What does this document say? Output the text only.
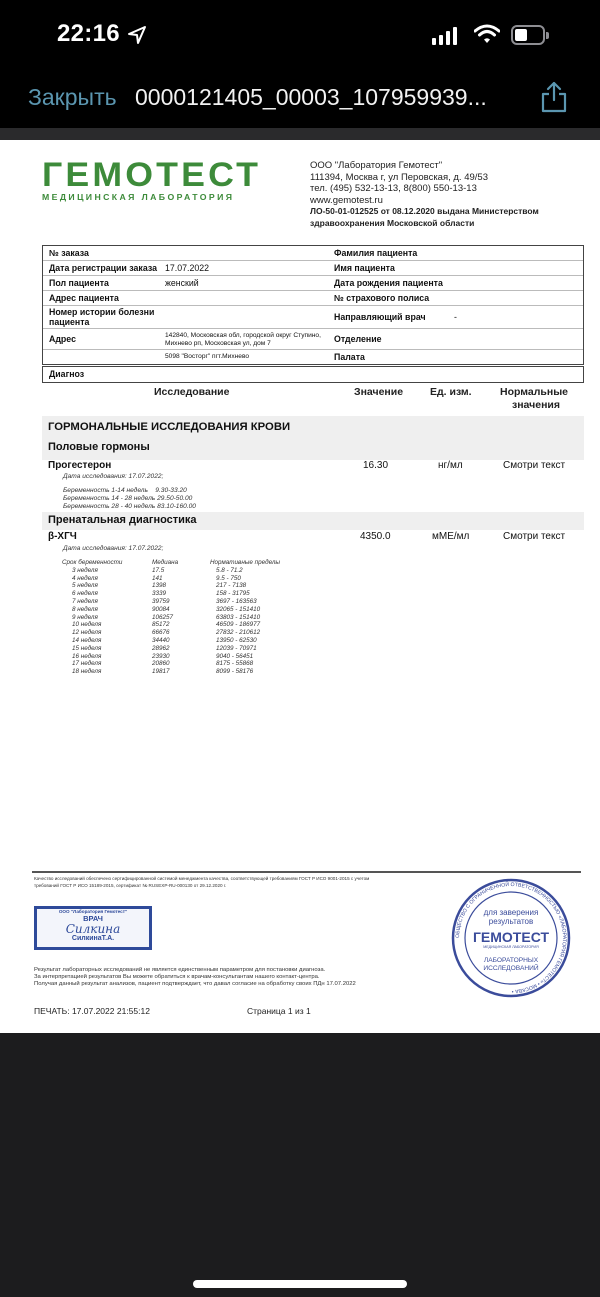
22:16
Закрыть 0000121405_00003_107959939...
ГЕМОТЕСТ
МЕДИЦИНСКАЯ ЛАБОРАТОРИЯ
ООО "Лаборатория Гемотест"
111394, Москва г, ул Перовская, д. 49/53
тел. (495) 532-13-13, 8(800) 550-13-13
www.gemotest.ru
ЛО-50-01-012525 от 08.12.2020 выдана Министерством
здравоохранения Московской области
№ заказа	Фамилия пациента
Дата регистрации заказа 17.07.2022	Имя пациента
Пол пациента	женский	Дата рождения пациента
Адрес пациента	№ страхового полиса
Номер истории болезни пациента	Направляющий врач	-
Адрес	142840, Московская обл, городской округ Ступино, Михнево рп, Московская ул, дом 7	Отделение
5098 "Восторг" пгт.Михнево	Палата
Диагноз
Исследование	Значение	Ед. изм.	Нормальные
значения
ГОРМОНАЛЬНЫЕ ИССЛЕДОВАНИЯ КРОВИ
Половые гормоны
Прогестерон	16.30	нг/мл	Смотри текст
Дата исследования: 17.07.2022;
Беременность 1-14 недель    9.30-33.20
Беременность 14 - 28 недель 29.50-50.00
Беременность 28 - 40 недель 83.10-160.00
Пренатальная диагностика
β-ХГЧ	4350.0	мМЕ/мл	Смотри текст
Дата исследования: 17.07.2022;
Срок беременности	Медиана	Нормативные пределы
3 неделя	17.5	5.8 - 71.2
4 неделя	141	9.5 - 750
5 неделя	1398	217 - 7138
6 неделя	3339	158 - 31795
7 неделя	39759	3697 - 163563
8 неделя	90084	32065 - 151410
9 неделя	106257	63803 - 151410
10 неделя	85172	46509 - 186977
12 неделя	66676	27832 - 210612
14 неделя	34440	13950 - 62530
15 неделя	28962	12039 - 70971
16 неделя	23930	9040 - 56451
17 неделя	20860	8175 - 55868
18 неделя	19817	8099 - 58176
Качество исследований обеспечено сертифицированной системой менеджмента качества, соответствующей требованиям ГОСТ Р ИСО 9001-2015 с учетом
требований ГОСТ Р ИСО 15189-2015, сертификат № RUSEXP-RU-000130 от 29.12.2020 г.
ООО "Лаборатория Гемотест"
ВРАЧ
Силкина
СилкинаТ.А.
Результат лабораторных исследований не является единственным параметром для постановки диагноза.
За интерпретацией результатов Вы можете обратиться к врачам-консультантам нашего контакт-центра.
Получая данный результат анализов, пациент подтверждает, что давал согласие на обработку своих ПДн 17.07.2022
ПЕЧАТЬ: 17.07.2022 21:55:12	Страница 1 из 1
ОБЩЕСТВО С ОГРАНИЧЕННОЙ ОТВЕТСТВЕННОСТЬЮ «ЛАБОРАТОРИЯ ГЕМОТЕСТ» • МОСКВА •
для заверения
результатов
ГЕМОТЕСТ
МЕДИЦИНСКАЯ ЛАБОРАТОРИЯ
ЛАБОРАТОРНЫХ
ИССЛЕДОВАНИЙ
